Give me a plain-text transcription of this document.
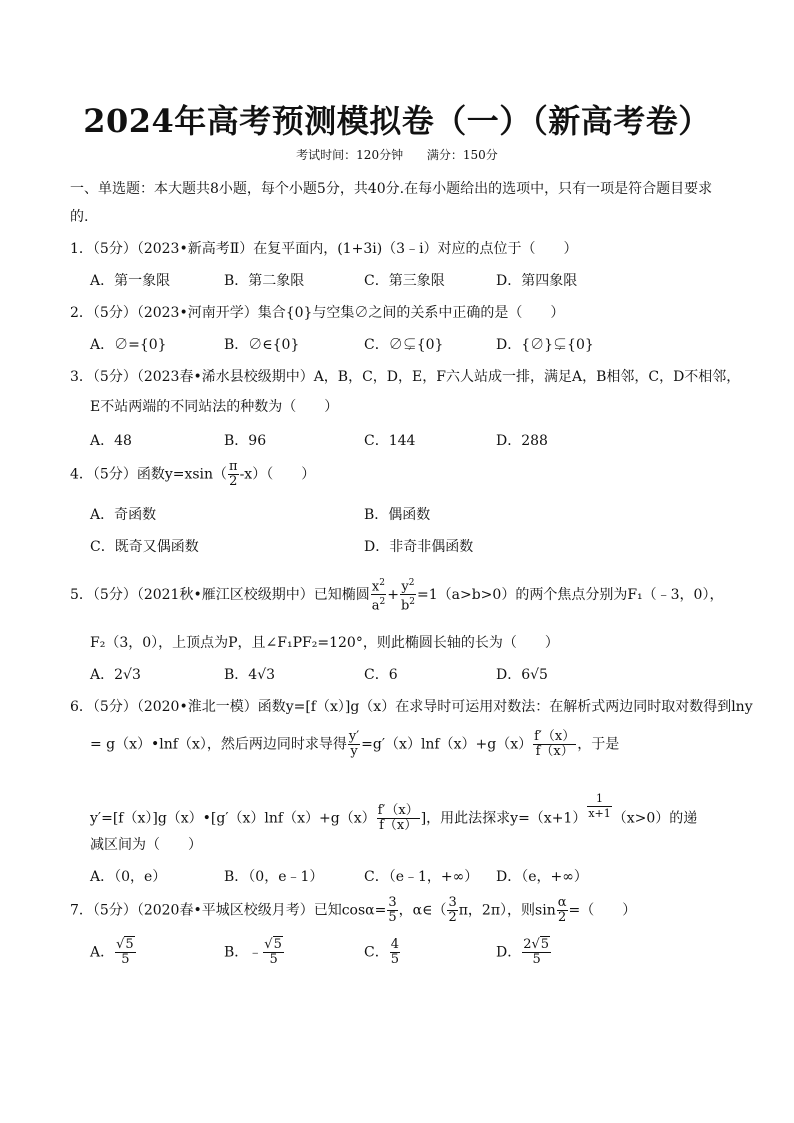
2024年高考预测模拟卷（一）（新高考卷）
考试时间：120分钟 满分：150分
一、单选题：本大题共8小题，每个小题5分，共40分.在每小题给出的选项中，只有一项是符合题目要求
的.
1．（5分）（2023•新高考Ⅱ）在复平面内，(1+3i)（3﹣i）对应的点位于（　　）
A．第一象限	B．第二象限	C．第三象限	D．第四象限
2．（5分）（2023•河南开学）集合{0}与空集∅之间的关系中正确的是（　　）
A．∅={0}	B．∅∈{0}	C．∅⊊{0}	D．{∅}⊊{0}
3．（5分）（2023春•浠水县校级期中）A，B，C，D，E，F六人站成一排，满足A，B相邻，C，D不相邻，
E不站两端的不同站法的种数为（　　）
A．48	B．96	C．144	D．288
4．（5分）函数$y=xsin( \frac{\pi}{2} -x)$（　　）
A．奇函数	B．偶函数
C．既奇又偶函数	D．非奇非偶函数
5．（5分）（2021秋•雁江区校级期中）已知椭圆 $\frac{x^2}{a^2} + \frac{y^2}{b^2} =1(a>b>0)$的两个焦点分别为F₁（﹣3，0），
F₂（3，0），上顶点为P，且∠F₁PF₂=120°，则此椭圆长轴的长为（　　）
A．2√3	B．4√3	C．6	D．6√5
6．（5分）（2020•淮北一模）函数y=[f（x）]g（x）在求导时可运用对数法：在解析式两边同时取对数得到lny
= g（x）•lnf（x），然后两边同时求导得 $\frac{y'}{y} =g'(x)\ln f(x)+g(x) \frac{f'(x)}{f(x)}$ ，于是
y′=[f（x）]g（x）•[g′（x）lnf（x）+g（x） $\frac{f'(x)}{f(x)}$ ]，用此法探求$y=(x+1) \frac{1}{x+1} (x>0)$的递
减区间为（　　）
A．（0，e）	B．（0，e﹣1）	C．（e﹣1，+∞） D．（e，+∞）
7．（5分）（2020春•平城区校级月考）已知$\cos\alpha= \frac{3}{5}$ ，α∈（ $\frac{3}{2}$ π，2π），则$\sin \frac{\alpha}{2}$ =（　　）
A． $\frac{√5}{5}$	B．﹣ $\frac{√5}{5}$	C． $\frac{4}{5}$	D． $\frac{2√5}{5}$
